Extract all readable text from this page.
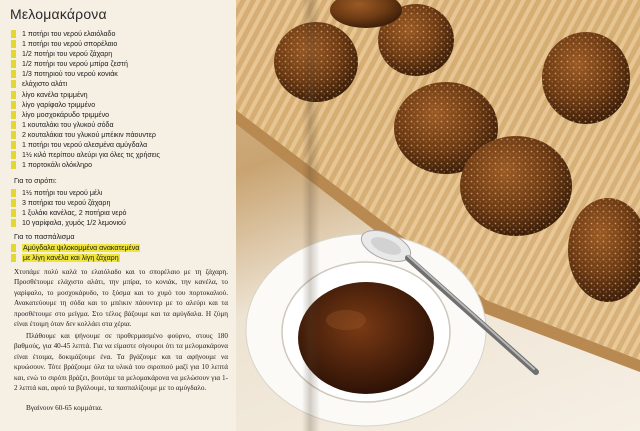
Μελομακάρονα
1 ποτήρι του νερού ελαιόλαδο
1 ποτήρι του νερού σπορέλαιο
1/2 ποτήρι του νερού ζάχαρη
1/2 ποτήρι του νερού μπίρα ζεστή
1/3 ποτηριού του νερού κονιάκ
ελάχιστο αλάτι
λίγο κανέλα τριμμένη
λίγο γαρίφαλο τριμμένο
λίγο μοσχοκάρυδο τριμμένο
1 κουταλάκι του γλυκού σόδα
2 κουταλάκια του γλυκού μπέικιν πάουντερ
1 ποτήρι του νερού αλεσμένα αμύγδαλα
1½ κιλό περίπου αλεύρι για όλες τις χρήσεις
1 πορτοκάλι ολόκληρο
Για το σιρόπι:
1½ ποτήρι του νερού μέλι
3 ποτήρια του νερού ζάχαρη
1 ξυλάκι κανέλας, 2 ποτήρια νερό
10 γαρίφαλα, χυμός 1/2 λεμονιού
Για το πασπάλισμα
Αμύγδαλα ψιλοκομμένα ανακατεμένα
με λίγη κανέλα και λίγη ζάχαρη

Χτυπάμε πολύ καλά το ελαιόλαδο και το σπορέλαιο με τη ζάχαρη. Προσθέτουμε ελάχιστο αλάτι, την μπίρα, το κονιάκ, την κανέλα, το γαρίφαλο, το μοσχοκάρυδο, το ξύσμα και το χυμό του πορτοκαλιού. Ανακατεύουμε τη σόδα και το μπέικιν πάουντερ με το αλεύρι και τα προσθέτουμε στο μείγμα. Στο τέλος βάζουμε και τα αμύγδαλα. Η ζύμη είναι έτοιμη όταν δεν κολλάει στα χέρια.

Πλάθουμε και ψήνουμε σε προθερμασμένο φούρνο, στους 180 βαθμούς, για 40-45 λεπτά. Για να είμαστε σίγουροι ότι τα μελομακάρονα είναι έτοιμα, δοκιμάζουμε ένα. Τα βγάζουμε και τα αφήνουμε να κρυώσουν. Τότε βράζουμε όλα τα υλικά του σιροπιού μαζί για 10 λεπτά και, ενώ το σιρόπι βράζει, βουτάμε τα μελομακάρονα να μελώσουν για 1-2 λεπτά και, αφού τα βγάλουμε, τα πασπαλίζουμε με το αμύγδαλο.

Βγαίνουν 60-65 κομμάτια.
